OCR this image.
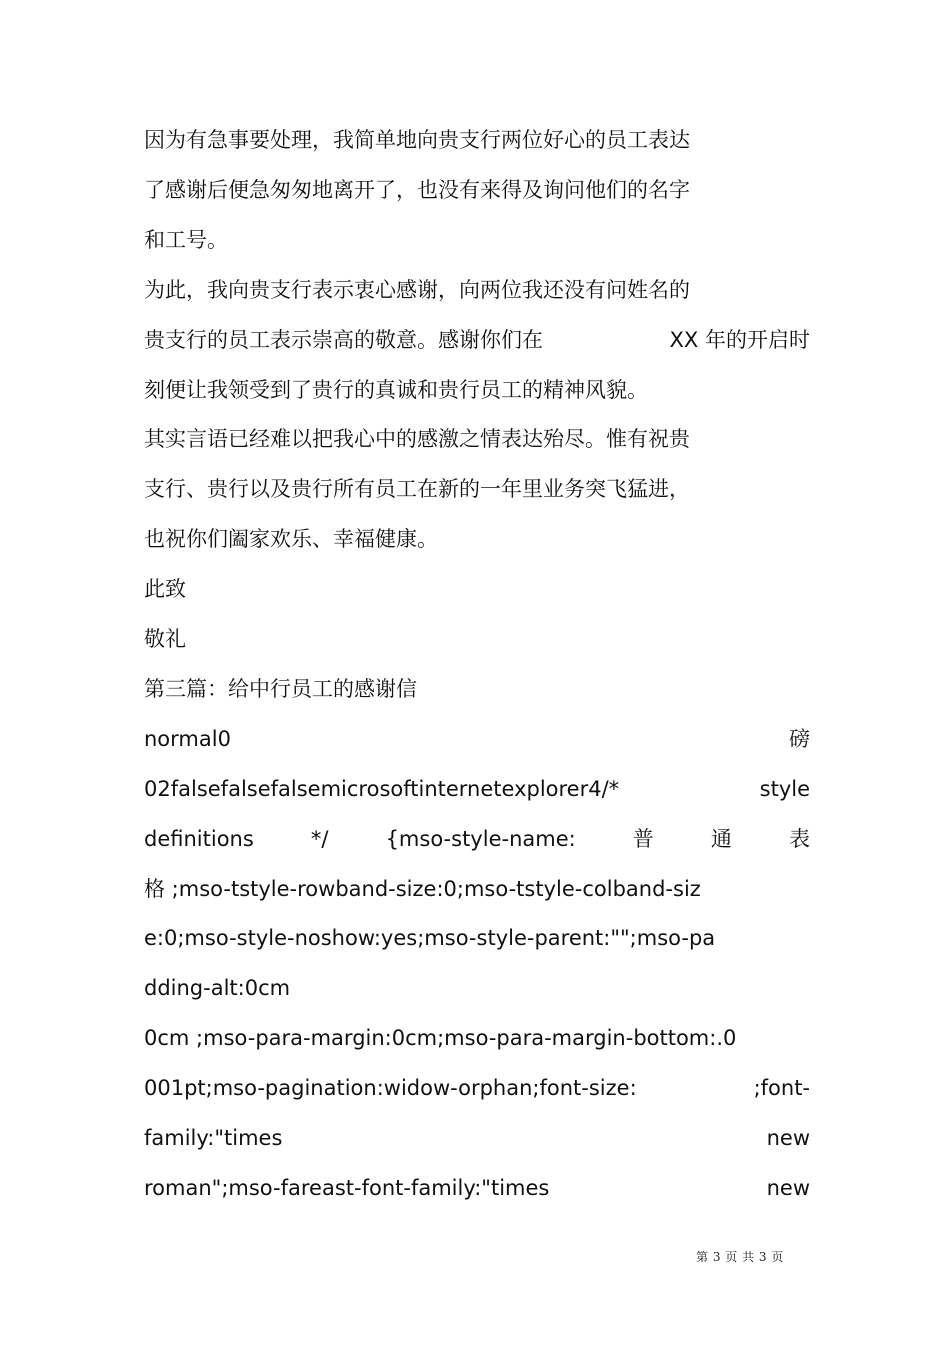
因为有急事要处理，我简单地向贵支行两位好心的员工表达
了感谢后便急匆匆地离开了，也没有来得及询问他们的名字
和工号。
为此，我向贵支行表示衷心感谢，向两位我还没有问姓名的
贵支行的员工表示崇高的敬意。感谢你们在	XX 年的开启时
刻便让我领受到了贵行的真诚和贵行员工的精神风貌。
其实言语已经难以把我心中的感激之情表达殆尽。惟有祝贵
支行、贵行以及贵行所有员工在新的一年里业务突飞猛进，
也祝你们阖家欢乐、幸福健康。
此致
敬礼
第三篇：给中行员工的感谢信
normal0	磅
02falsefalsefalsemicrosoftinternetexplorer4/*	style
definitions	*/	{mso-style-name:	普	通	表
格 ;mso-tstyle-rowband-size:0;mso-tstyle-colband-siz
e:0;mso-style-noshow:yes;mso-style-parent:"";mso-pa
dding-alt:0cm
0cm ;mso-para-margin:0cm;mso-para-margin-bottom:.0
001pt;mso-pagination:widow-orphan;font-size:	;font-
family:"times	new
roman";mso-fareast-font-family:"times	new
第 3 页 共 3 页
